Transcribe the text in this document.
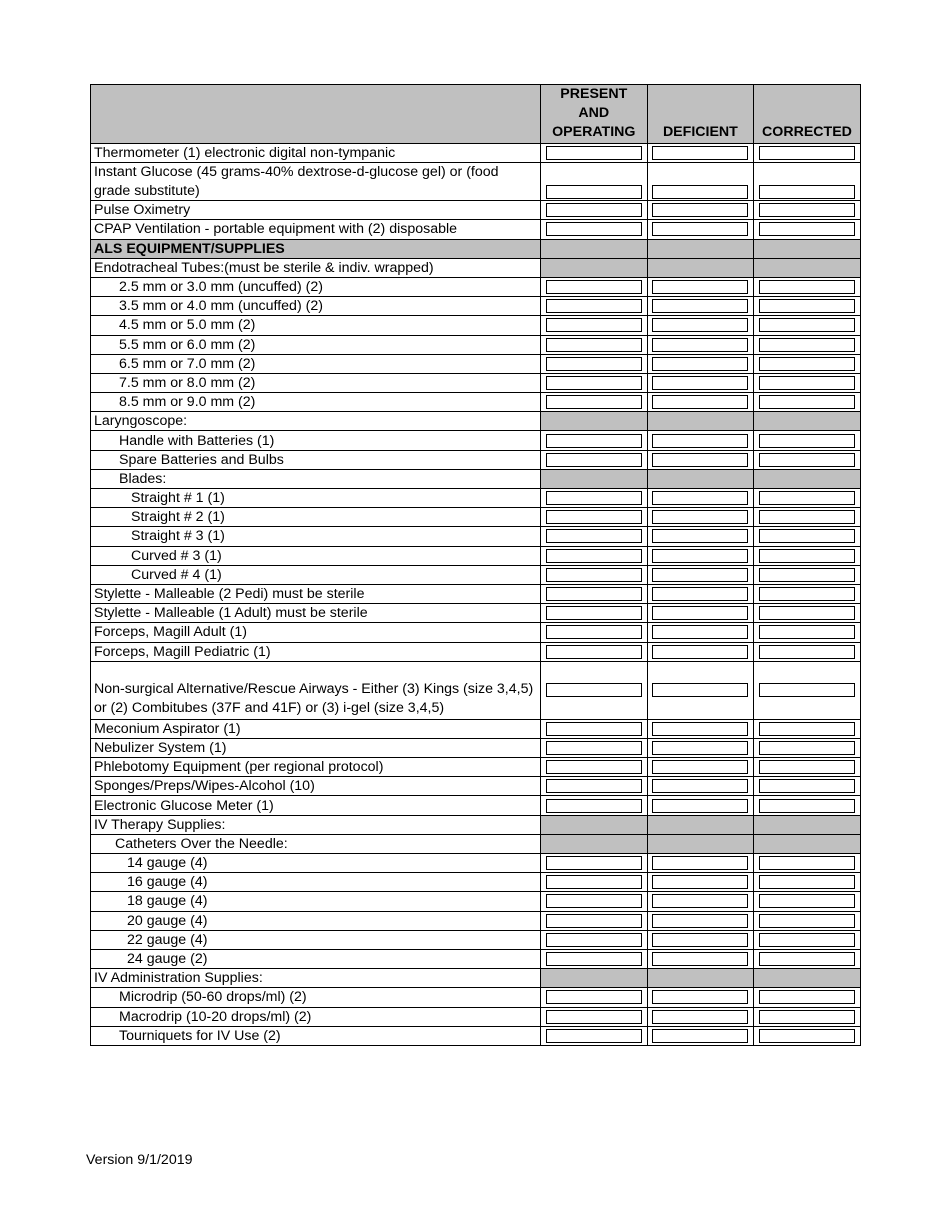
	PRESENT
AND
OPERATING	DEFICIENT	CORRECTED
Thermometer (1) electronic digital non-tympanic	

Instant Glucose (45 grams-40% dextrose-d-glucose gel) or (food grade substitute)	

Pulse Oximetry	

CPAP Ventilation - portable equipment with (2) disposable	

ALS EQUIPMENT/SUPPLIES			
Endotracheal Tubes:(must be sterile & indiv. wrapped)			
2.5 mm or 3.0 mm (uncuffed) (2)	

3.5 mm or 4.0 mm (uncuffed) (2)	

4.5 mm or 5.0 mm (2)	

5.5 mm or 6.0 mm (2)	

6.5 mm or 7.0 mm (2)	

7.5 mm or 8.0 mm (2)	

8.5 mm or 9.0 mm (2)	

Laryngoscope:			
Handle with Batteries (1)	

Spare Batteries and Bulbs	

Blades:			
Straight # 1 (1)	

Straight # 2 (1)	

Straight # 3 (1)	

Curved # 3 (1)	

Curved # 4 (1)	

Stylette - Malleable (2 Pedi) must be sterile	

Stylette - Malleable (1 Adult) must be sterile	

Forceps, Magill Adult (1)	

Forceps, Magill Pediatric (1)	

Non-surgical Alternative/Rescue Airways - Either (3) Kings (size 3,4,5) or (2) Combitubes (37F and 41F) or (3) i-gel (size 3,4,5)	

Meconium Aspirator (1)	

Nebulizer System (1)	

Phlebotomy Equipment (per regional protocol)	

Sponges/Preps/Wipes-Alcohol (10)	

Electronic Glucose Meter (1)	

IV Therapy Supplies:			
Catheters Over the Needle:			
14 gauge (4)	

16 gauge (4)	

18 gauge (4)	

20 gauge (4)	

22 gauge (4)	

24 gauge (2)	

IV Administration Supplies:			
Microdrip (50-60 drops/ml) (2)	

Macrodrip (10-20 drops/ml) (2)	

Tourniquets for IV Use (2)	

Version 9/1/2019
